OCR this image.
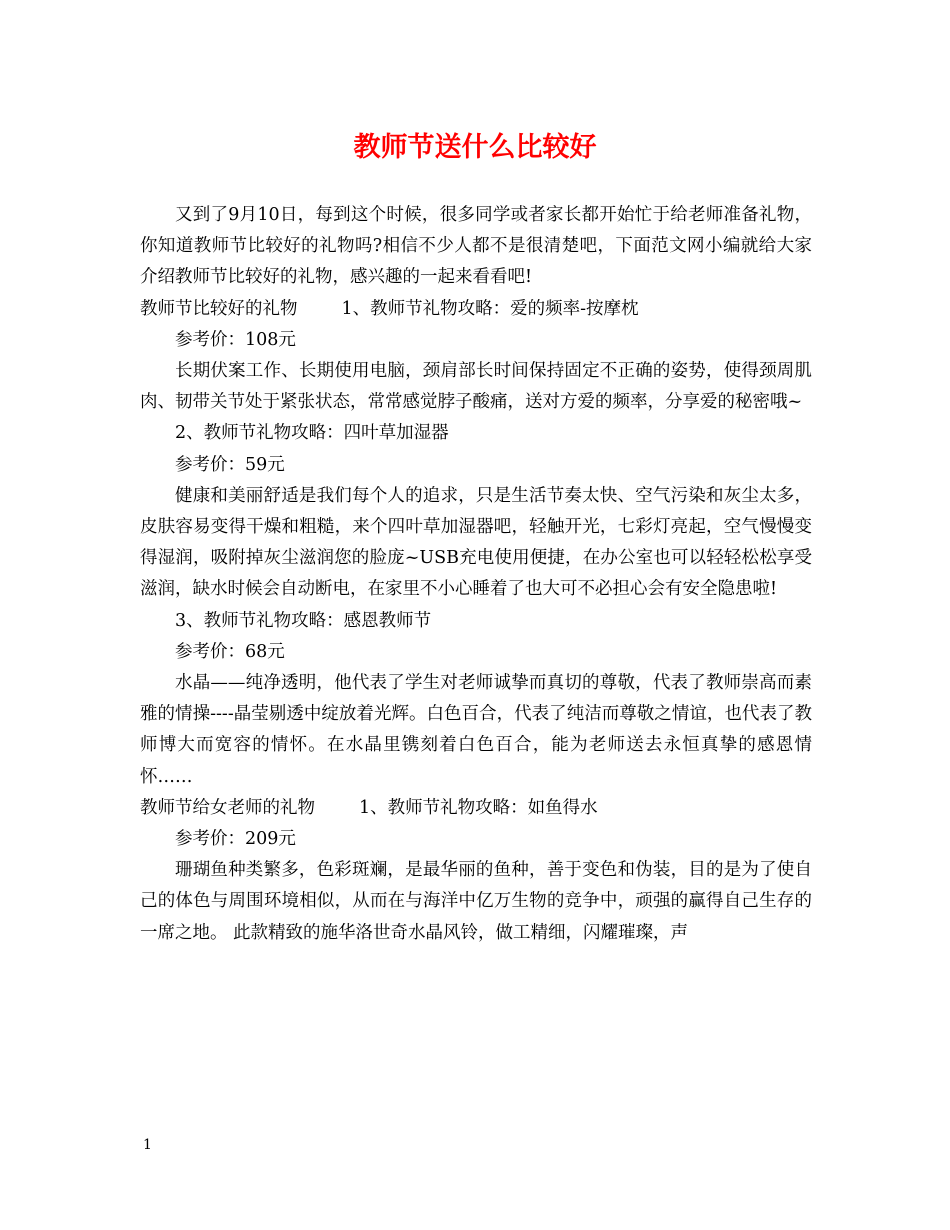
教师节送什么比较好

又到了9月10日，每到这个时候，很多同学或者家长都开始忙于给老师准备礼物，你知道教师节比较好的礼物吗?相信不少人都不是很清楚吧，下面范文网小编就给大家介绍教师节比较好的礼物，感兴趣的一起来看看吧!

教师节比较好的礼物	1、教师节礼物攻略：爱的频率-按摩枕

参考价：108元

长期伏案工作、长期使用电脑，颈肩部长时间保持固定不正确的姿势，使得颈周肌肉、韧带关节处于紧张状态，常常感觉脖子酸痛，送对方爱的频率，分享爱的秘密哦~

2、教师节礼物攻略：四叶草加湿器

参考价：59元

健康和美丽舒适是我们每个人的追求，只是生活节奏太快、空气污染和灰尘太多，皮肤容易变得干燥和粗糙，来个四叶草加湿器吧，轻触开光，七彩灯亮起，空气慢慢变得湿润，吸附掉灰尘滋润您的脸庞~USB充电使用便捷，在办公室也可以轻轻松松享受滋润，缺水时候会自动断电，在家里不小心睡着了也大可不必担心会有安全隐患啦!

3、教师节礼物攻略：感恩教师节

参考价：68元

水晶——纯净透明，他代表了学生对老师诚挚而真切的尊敬，代表了教师崇高而素雅的情操----晶莹剔透中绽放着光辉。白色百合，代表了纯洁而尊敬之情谊，也代表了教师博大而宽容的情怀。在水晶里镌刻着白色百合，能为老师送去永恒真挚的感恩情怀……

教师节给女老师的礼物	1、教师节礼物攻略：如鱼得水

参考价：209元

珊瑚鱼种类繁多，色彩斑斓，是最华丽的鱼种，善于变色和伪装，目的是为了使自己的体色与周围环境相似，从而在与海洋中亿万生物的竞争中，顽强的赢得自己生存的一席之地。 此款精致的施华洛世奇水晶风铃，做工精细，闪耀璀璨，声

1
